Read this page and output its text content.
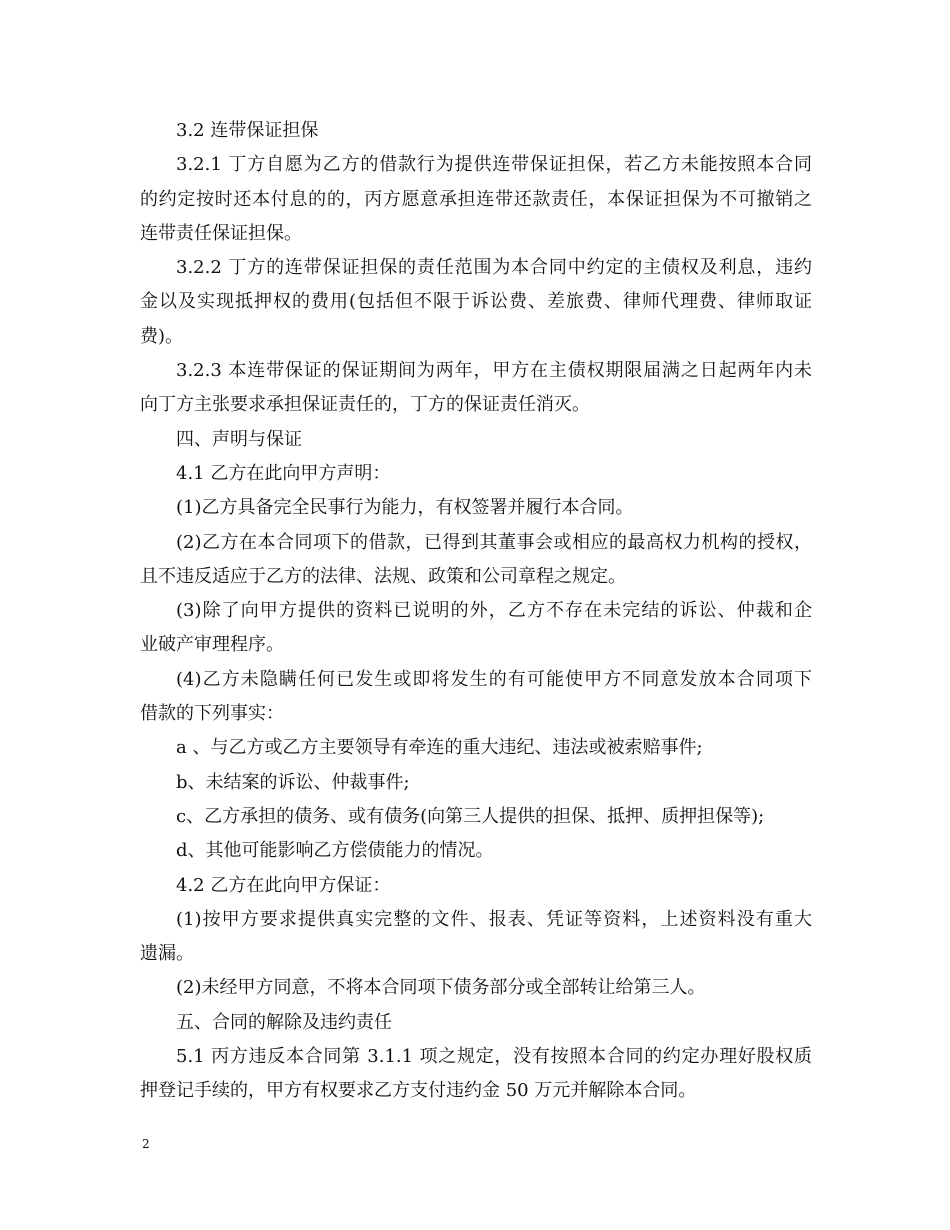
3.2 连带保证担保
3.2.1 丁方自愿为乙方的借款行为提供连带保证担保，若乙方未能按照本合同
的约定按时还本付息的的，丙方愿意承担连带还款责任，本保证担保为不可撤销之
连带责任保证担保。
3.2.2 丁方的连带保证担保的责任范围为本合同中约定的主债权及利息，违约
金以及实现抵押权的费用(包括但不限于诉讼费、差旅费、律师代理费、律师取证
费)。
3.2.3 本连带保证的保证期间为两年，甲方在主债权期限届满之日起两年内未
向丁方主张要求承担保证责任的，丁方的保证责任消灭。
四、声明与保证
4.1 乙方在此向甲方声明：
(1)乙方具备完全民事行为能力，有权签署并履行本合同。
(2)乙方在本合同项下的借款，已得到其董事会或相应的最高权力机构的授权，
且不违反适应于乙方的法律、法规、政策和公司章程之规定。
(3)除了向甲方提供的资料已说明的外，乙方不存在未完结的诉讼、仲裁和企
业破产审理程序。
(4)乙方未隐瞒任何已发生或即将发生的有可能使甲方不同意发放本合同项下
借款的下列事实：
a 、与乙方或乙方主要领导有牵连的重大违纪、违法或被索赔事件;
b、未结案的诉讼、仲裁事件;
c、乙方承担的债务、或有债务(向第三人提供的担保、抵押、质押担保等);
d、其他可能影响乙方偿债能力的情况。
4.2 乙方在此向甲方保证：
(1)按甲方要求提供真实完整的文件、报表、凭证等资料，上述资料没有重大
遗漏。
(2)未经甲方同意，不将本合同项下债务部分或全部转让给第三人。
五、合同的解除及违约责任
5.1 丙方违反本合同第 3.1.1 项之规定，没有按照本合同的约定办理好股权质
押登记手续的，甲方有权要求乙方支付违约金 50 万元并解除本合同。
2
